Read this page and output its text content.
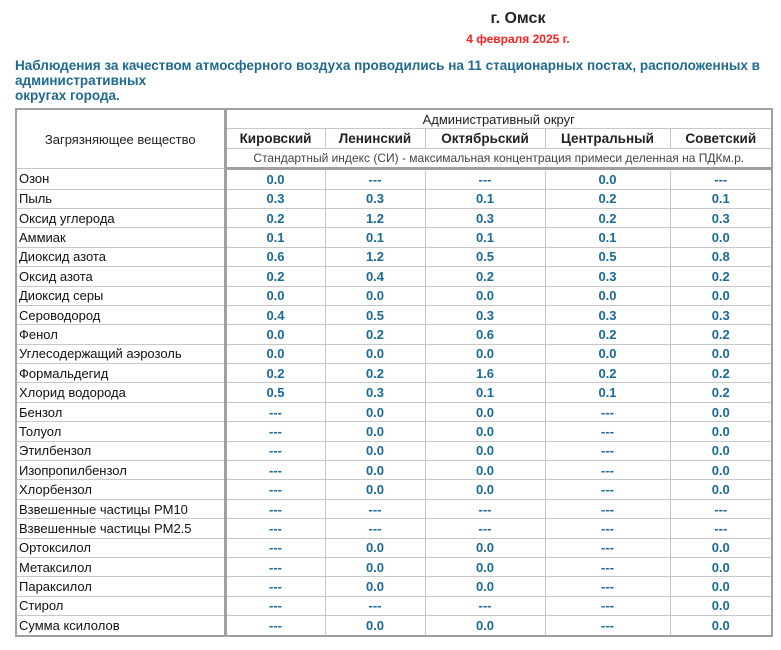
г. Омск
4 февраля 2025 г.
Наблюдения за качеством атмосферного воздуха проводились на 11 стационарных постах, расположенных в административных
округах города.
Загрязняющее вещество	Административный округ				
	Кировский	Ленинский	Октябрьский	Центральный	Советский
	Стандартный индекс (СИ) - максимальная концентрация примеси деленная на ПДКм.р.				
Озон	0.0	---	---	0.0	---
Пыль	0.3	0.3	0.1	0.2	0.1
Оксид углерода	0.2	1.2	0.3	0.2	0.3
Аммиак	0.1	0.1	0.1	0.1	0.0
Диоксид азота	0.6	1.2	0.5	0.5	0.8
Оксид азота	0.2	0.4	0.2	0.3	0.2
Диоксид серы	0.0	0.0	0.0	0.0	0.0
Сероводород	0.4	0.5	0.3	0.3	0.3
Фенол	0.0	0.2	0.6	0.2	0.2
Углесодержащий аэрозоль	0.0	0.0	0.0	0.0	0.0
Формальдегид	0.2	0.2	1.6	0.2	0.2
Хлорид водорода	0.5	0.3	0.1	0.1	0.2
Бензол	---	0.0	0.0	---	0.0
Толуол	---	0.0	0.0	---	0.0
Этилбензол	---	0.0	0.0	---	0.0
Изопропилбензол	---	0.0	0.0	---	0.0
Хлорбензол	---	0.0	0.0	---	0.0
Взвешенные частицы PM10	---	---	---	---	---
Взвешенные частицы PM2.5	---	---	---	---	---
Ортоксилол	---	0.0	0.0	---	0.0
Метаксилол	---	0.0	0.0	---	0.0
Параксилол	---	0.0	0.0	---	0.0
Стирол	---	---	---	---	0.0
Сумма ксилолов	---	0.0	0.0	---	0.0
